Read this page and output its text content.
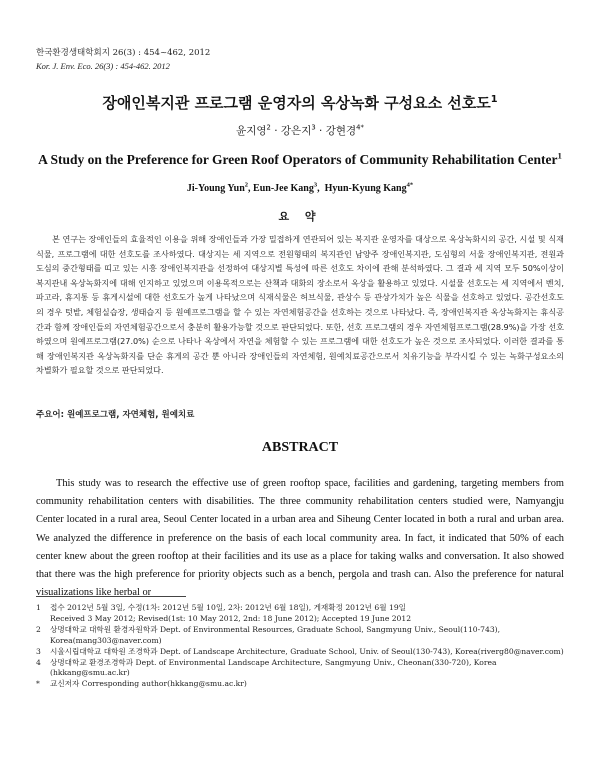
한국환경생태학회지 26(3) : 454~462, 2012
Kor. J. Env. Eco. 26(3) : 454-462. 2012
장애인복지관 프로그램 운영자의 옥상녹화 구성요소 선호도$^1$
윤지영$^2$ · 강은지$^3$ · 강현경$^{4*}$
A Study on the Preference for Green Roof Operators of Community Rehabilitation Center$^1$
Ji-Young Yun$^2$, Eun-Jee Kang$^3$,  Hyun-Kyung Kang$^{4*}$
요 약
본 연구는 장애인들의 효율적인 이용을 위해 장애인들과 가장 밀접하게 연관되어 있는 복지관 운영자를 대상으로 옥상녹화시의 공간, 시설 및 식재식물, 프로그램에 대한 선호도를 조사하였다. 대상지는 세 지역으로 전원형태의 복지관인 남양주 장애인복지관, 도심형의 서울 장애인복지관, 전원과 도심의 중간형태를 띠고 있는 시흥 장애인복지관을 선정하여 대상지별 특성에 따른 선호도 차이에 관해 분석하였다. 그 결과 세 지역 모두 50%이상이 복지관내 옥상녹화지에 대해 인지하고 있었으며 이용목적으로는 산책과 대화의 장소로서 옥상을 활용하고 있었다. 시설물 선호도는 세 지역에서 벤치, 파고라, 휴지통 등 휴게시설에 대한 선호도가 높게 나타났으며 식재식물은 허브식물, 관상수 등 관상가치가 높은 식물을 선호하고 있었다. 공간선호도의 경우 텃밭, 체험실습장, 생태습지 등 원예프로그램을 할 수 있는 자연체험공간을 선호하는 것으로 나타났다. 즉, 장애인복지관 옥상녹화지는 휴식공간과 함께 장애인들의 자연체험공간으로서 충분히 활용가능할 것으로 판단되었다. 또한, 선호 프로그램의 경우 자연체험프로그램(28.9%)을 가장 선호하였으며 원예프로그램(27.0%) 순으로 나타나 옥상에서 자연을 체험할 수 있는 프로그램에 대한 선호도가 높은 것으로 조사되었다. 이러한 결과를 통해 장애인복지관 옥상녹화지를 단순 휴게의 공간 뿐 아니라 장애인들의 자연체험, 원예치료공간으로서 치유기능을 부각시킬 수 있는 녹화구성요소의 차별화가 필요할 것으로 판단되었다.
주요어: 원예프로그램, 자연체험, 원예치료
ABSTRACT
This study was to research the effective use of green rooftop space, facilities and gardening, targeting members from community rehabilitation centers with disabilities. The three community rehabilitation centers studied were, Namyangju Center located in a rural area, Seoul Center located in a urban area and Siheung Center located in both a rural and urban area. We analyzed the difference in preference on the basis of each local community area. In fact, it indicated that 50% of each center knew about the green rooftop at their facilities and its use as a place for taking walks and conversation. It also showed that there was the high preference for priority objects such as a bench, pergola and trash can. Also the preference for natural visualizations like herbal or
1	접수 2012년 5월 3일, 수정(1차: 2012년 5월 10일, 2차: 2012년 6월 18일), 게재확정 2012년 6월 19일
Received 3 May 2012; Revised(1st: 10 May 2012, 2nd: 18 June 2012); Accepted 19 June 2012
2	상명대학교 대학원 환경자원학과 Dept. of Environmental Resources, Graduate School, Sangmyung Univ., Seoul(110-743), Korea(mang303@naver.com)
3	시울시립대학교 대학원 조경학과 Dept. of Landscape Architecture, Graduate School, Univ. of Seoul(130-743), Korea(riverg80@naver.com)
4	상명대학교 환경조경학과 Dept. of Environmental Landscape Architecture, Sangmyung Univ., Cheonan(330-720), Korea (hkkang@smu.ac.kr)
*	교신저자 Corresponding author(hkkang@smu.ac.kr)
